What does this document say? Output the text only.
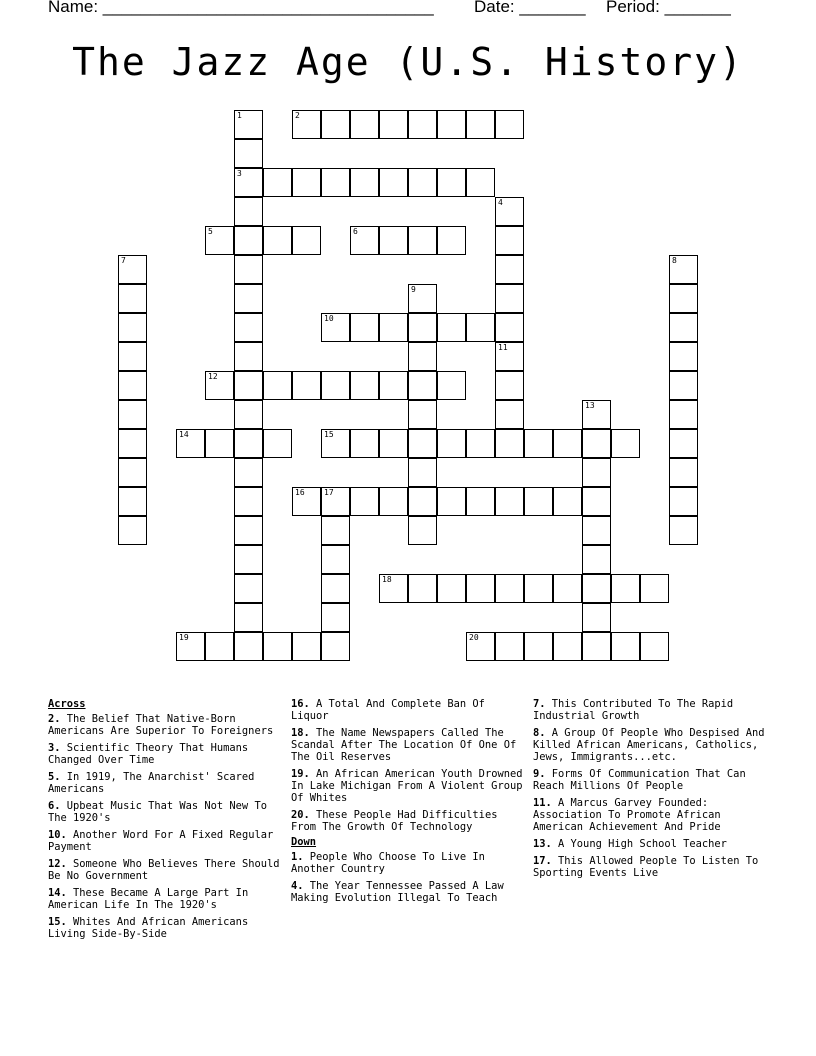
Name: ___________________________________ Date: _______ Period: _______
The Jazz Age (U.S. History)
1
3
2
4
5	6
7	8
9
10
11
12
13
14	15
16 17
18
19	20
Across
2. The Belief That Native-Born Americans Are Superior To Foreigners
3. Scientific Theory That Humans Changed Over Time
5. In 1919, The Anarchist' Scared Americans
6. Upbeat Music That Was Not New To The 1920's
10. Another Word For A Fixed Regular Payment
12. Someone Who Believes There Should Be No Government
14. These Became A Large Part In American Life In The 1920's
15. Whites And African Americans Living Side-By-Side
16. A Total And Complete Ban Of Liquor
18. The Name Newspapers Called The Scandal After The Location Of One Of The Oil Reserves
19. An African American Youth Drowned In Lake Michigan From A Violent Group Of Whites
20. These People Had Difficulties From The Growth Of Technology
Down
1. People Who Choose To Live In Another Country
4. The Year Tennessee Passed A Law Making Evolution Illegal To Teach
7. This Contributed To The Rapid Industrial Growth
8. A Group Of People Who Despised And Killed African Americans, Catholics, Jews, Immigrants...etc.
9. Forms Of Communication That Can Reach Millions Of People
11. A Marcus Garvey Founded: Association To Promote African American Achievement And Pride
13. A Young High School Teacher
17. This Allowed People To Listen To Sporting Events Live
